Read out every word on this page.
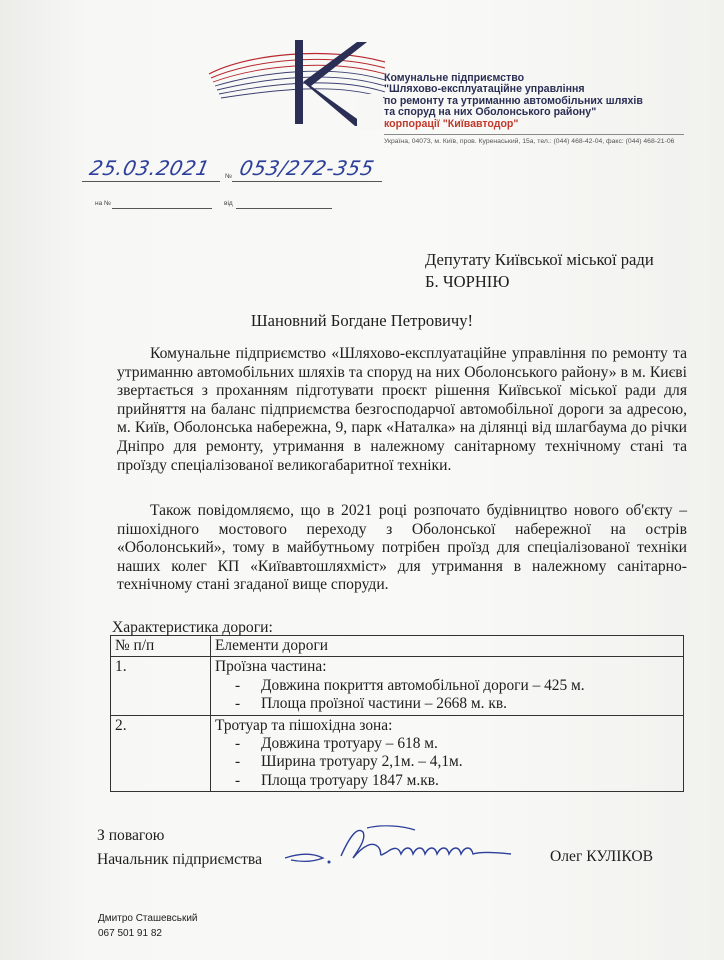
Комунальне підприємство
"Шляхово-експлуатаційне управління
по ремонту та утриманню автомобільних шляхів
та споруд на них Оболонського району"
корпорації "Київавтодор"
Україна, 04073, м. Київ, пров. Куренаський, 15а, тел.: (044) 468-42-04, факс: (044) 468-21-06
25.03.2021 № 053/272-355
на №	від
Депутату Київської міської ради
Б. ЧОРНІЮ
Шановний Богдане Петровичу!

Комунальне підприємство «Шляхово-експлуатаційне управління по ремонту та утриманню автомобільних шляхів та споруд на них Оболонського району» в м. Києві звертається з проханням підготувати проєкт рішення Київської міської ради для прийняття на баланс підприємства безгосподарчої автомобільної дороги за адресою, м. Київ, Оболонська набережна, 9, парк «Наталка» на ділянці від шлагбаума до річки Дніпро для ремонту, утримання в належному санітарному технічному стані та проїзду спеціалізованої великогабаритної техніки.

Також повідомляємо, що в 2021 році розпочато будівництво нового об'єкту – пішохідного мостового переходу з Оболонської набережної на острів «Оболонський», тому в майбутньому потрібен проїзд для спеціалізованої техніки наших колег КП «Київавтошляхміст» для утримання в належному санітарно-технічному стані згаданої вище споруди.

Характеристика дороги:
№ п/п	Елементи дороги
1.	Проїзна частина:
- Довжина покриття автомобільної дороги – 425 м.
- Площа проїзної частини – 2668 м. кв.

2.	Тротуар та пішохідна зона:
- Довжина тротуару – 618 м.
- Ширина тротуару 2,1м. – 4,1м.
- Площа тротуару 1847 м.кв.
З повагою
Начальник підприємства	Олег КУЛІКОВ
Дмитро Сташевський
067 501 91 82
